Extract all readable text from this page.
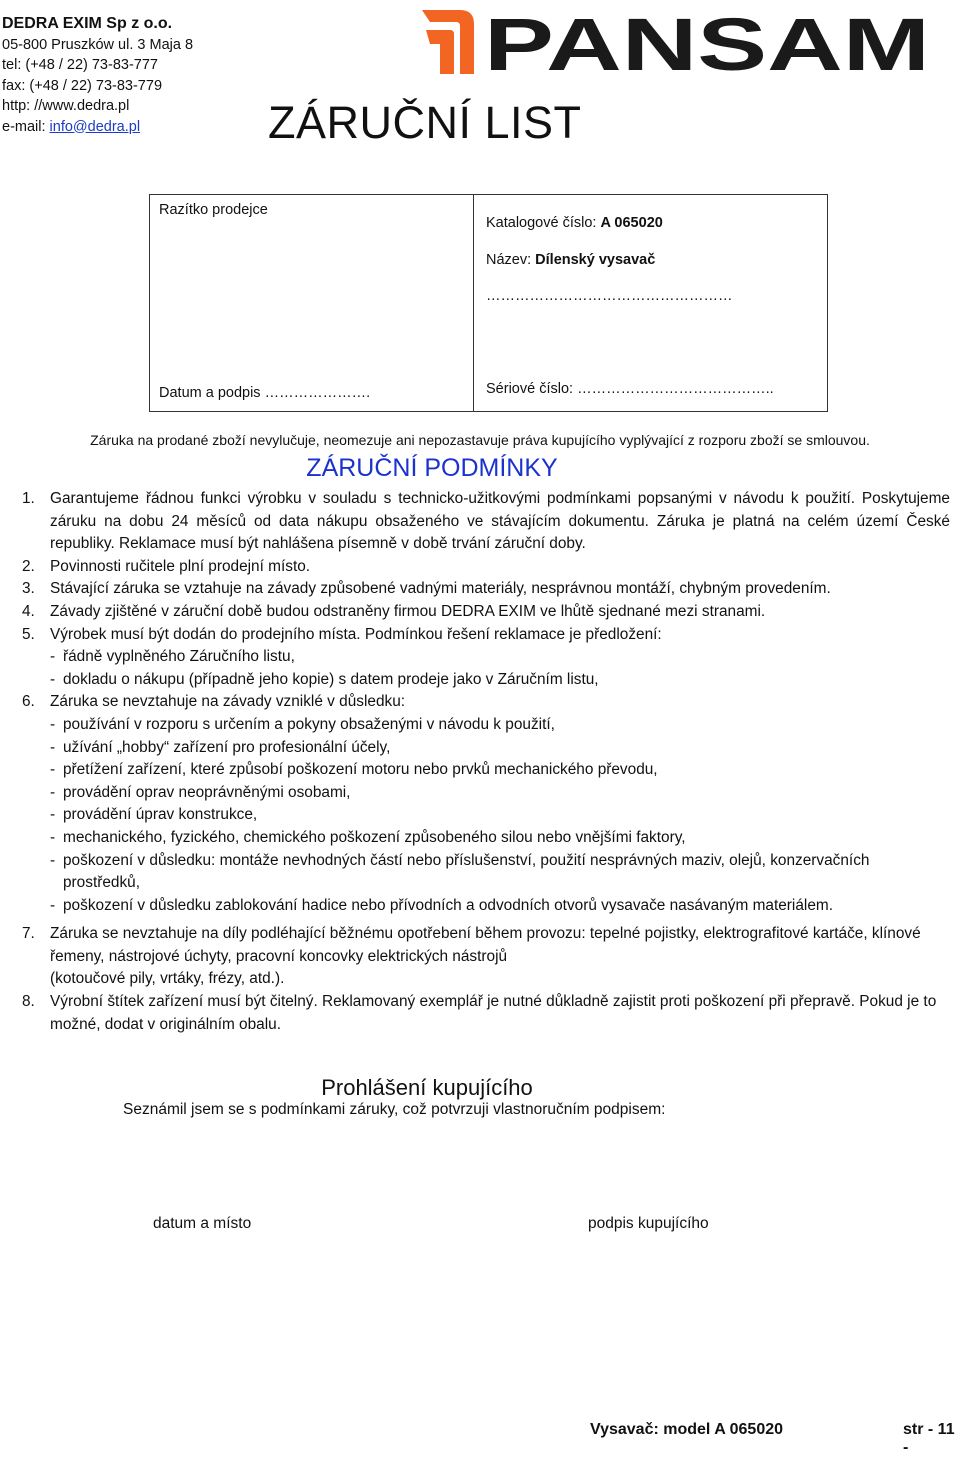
DEDRA EXIM Sp z o.o.
05-800 Pruszków ul. 3 Maja 8
tel: (+48 / 22) 73-83-777
fax: (+48 / 22) 73-83-779
http: //www.dedra.pl
e-mail: info@dedra.pl
PANSAM
ZÁRUČNÍ LIST
Razítko prodejce
Datum a podpis ………………….
Katalogové číslo: A 065020
Název: Dílenský vysavač
……………………………………………
Sériové číslo: …………………………………..
Záruka na prodané zboží nevylučuje, neomezuje ani nepozastavuje práva kupujícího vyplývající z rozporu zboží se smlouvou.
ZÁRUČNÍ PODMÍNKY
1. Garantujeme řádnou funkci výrobku v souladu s technicko-užitkovými podmínkami popsanými v návodu k použití. Poskytujeme záruku na dobu 24 měsíců od data nákupu obsaženého ve stávajícím dokumentu. Záruka je platná na celém území České republiky. Reklamace musí být nahlášena písemně v době trvání záruční doby.

2. Povinnosti ručitele plní prodejní místo.

3. Stávající záruka se vztahuje na závady způsobené vadnými materiály, nesprávnou montáží, chybným provedením.

4. Závady zjištěné v záruční době budou odstraněny firmou DEDRA EXIM ve lhůtě sjednané mezi stranami.

5. Výrobek musí být dodán do prodejního místa. Podmínkou řešení reklamace je předložení:

- řádně vyplněného Záručního listu,
- dokladu o nákupu (případně jeho kopie) s datem prodeje jako v Záručním listu,
6. Záruka se nevztahuje na závady vzniklé v důsledku:

- používání v rozporu s určením a pokyny obsaženými v návodu k použití,
- užívání „hobby“ zařízení pro profesionální účely,
- přetížení zařízení, které způsobí poškození motoru nebo prvků mechanického převodu,
- provádění oprav neoprávněnými osobami,
- provádění úprav konstrukce,
- mechanického, fyzického, chemického poškození způsobeného silou nebo vnějšími faktory,
- poškození v důsledku: montáže nevhodných částí nebo příslušenství, použití nesprávných maziv, olejů, konzervačních prostředků,
- poškození v důsledku zablokování hadice nebo přívodních a odvodních otvorů vysavače nasávaným materiálem.
7. Záruka se nevztahuje na díly podléhající běžnému opotřebení během provozu: tepelné pojistky, elektrografitové kartáče, klínové řemeny, nástrojové úchyty, pracovní koncovky elektrických nástrojů

(kotoučové pily, vrtáky, frézy, atd.).

8. Výrobní štítek zařízení musí být čitelný. Reklamovaný exemplář je nutné důkladně zajistit proti poškození při přepravě. Pokud je to možné, dodat v originálním obalu.

Prohlášení kupujícího
Seznámil jsem se s podmínkami záruky, což potvrzuji vlastnoručním podpisem:
datum a místo	podpis kupujícího
Vysavač: model A 065020	str - 11 -
